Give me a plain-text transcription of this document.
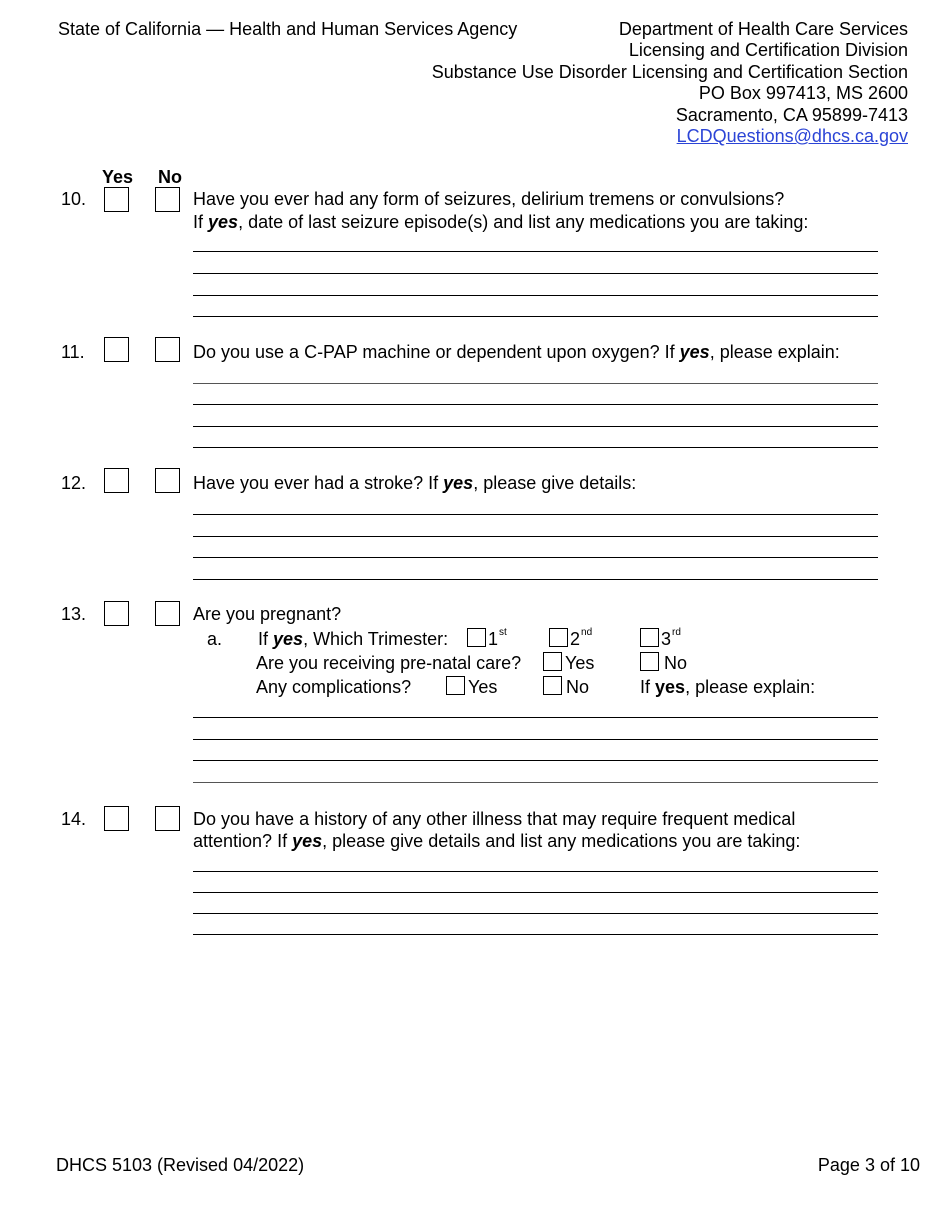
State of California — Health and Human Services Agency	Department of Health Care Services
Licensing and Certification Division
Substance Use Disorder Licensing and Certification Section
PO Box 997413, MS 2600
Sacramento, CA 95899-7413
LCDQuestions@dhcs.ca.gov
Yes No
10.	Have you ever had any form of seizures, delirium tremens or convulsions?
If yes, date of last seizure episode(s) and list any medications you are taking:
11.	Do you use a C-PAP machine or dependent upon oxygen? If yes, please explain:
12.	Have you ever had a stroke? If yes, please give details:
13.	Are you pregnant?
a. If yes, Which Trimester: 1st	2nd	3rd
Are you receiving pre-natal care? Yes	No
Any complications?	Yes	No	If yes, please explain:
14.	Do you have a history of any other illness that may require frequent medical
attention? If yes, please give details and list any medications you are taking:
DHCS 5103 (Revised 04/2022)	Page 3 of 10
